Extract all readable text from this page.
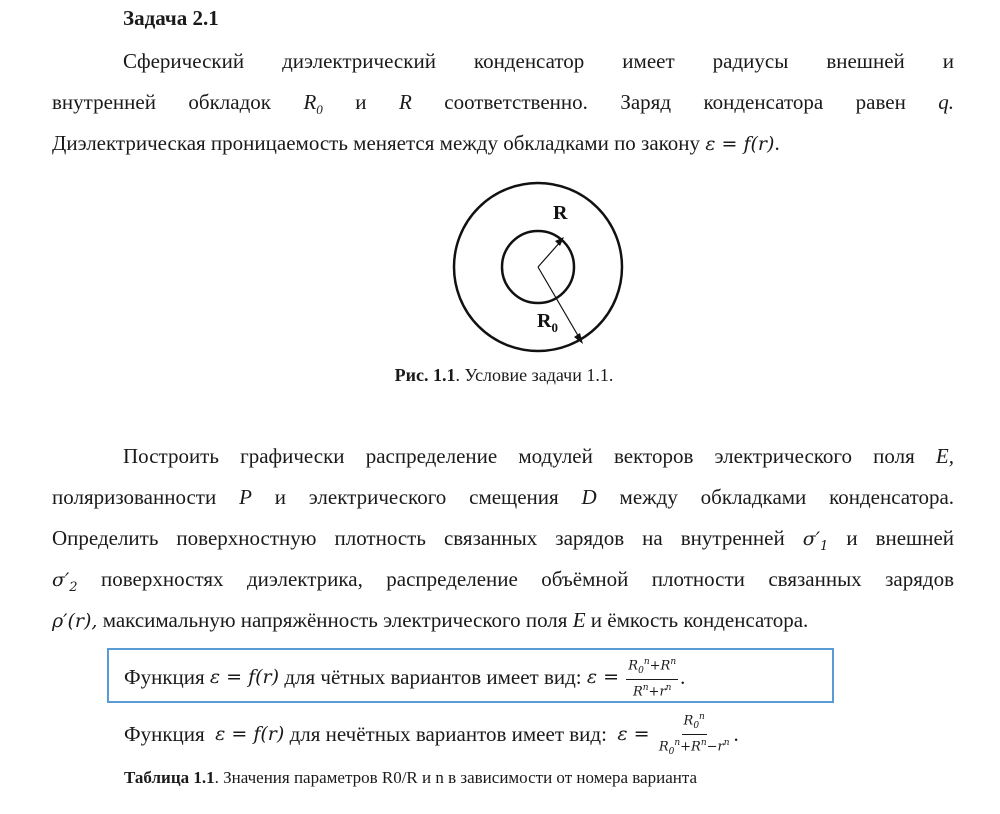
Задача 2.1
Сферический диэлектрический конденсатор имеет радиусы внешней и
внутренней обкладок $R_0$ и R соответственно. Заряд конденсатора равен q.
Диэлектрическая проницаемость меняется между обкладками по закону ε = f(r).
R
$R_0$
Рис. 1.1. Условие задачи 1.1.
Построить графически распределение модулей векторов электрического поля E,
поляризованности P и электрического смещения D между обкладками конденсатора.
Определить поверхностную плотность связанных зарядов на внутренней $\sigma'_1$ и внешней
$\sigma'_2$ поверхностях диэлектрика, распределение объёмной плотности связанных зарядов
ρ′(r), максимальную напряжённость электрического поля E и ёмкость конденсатора.
Функция
ε = f(r)
для чётных вариантов имеет вид:
ε =
$\frac{R_0^n+R^n}{R^n+r^n}$ .
Функция
ε = f(r)
для нечётных вариантов имеет вид:
ε =
$\frac{R_0^n}{R_0^n+R^n-r^n}$ .
Таблица 1.1. Значения параметров R0/R и n в зависимости от номера варианта
